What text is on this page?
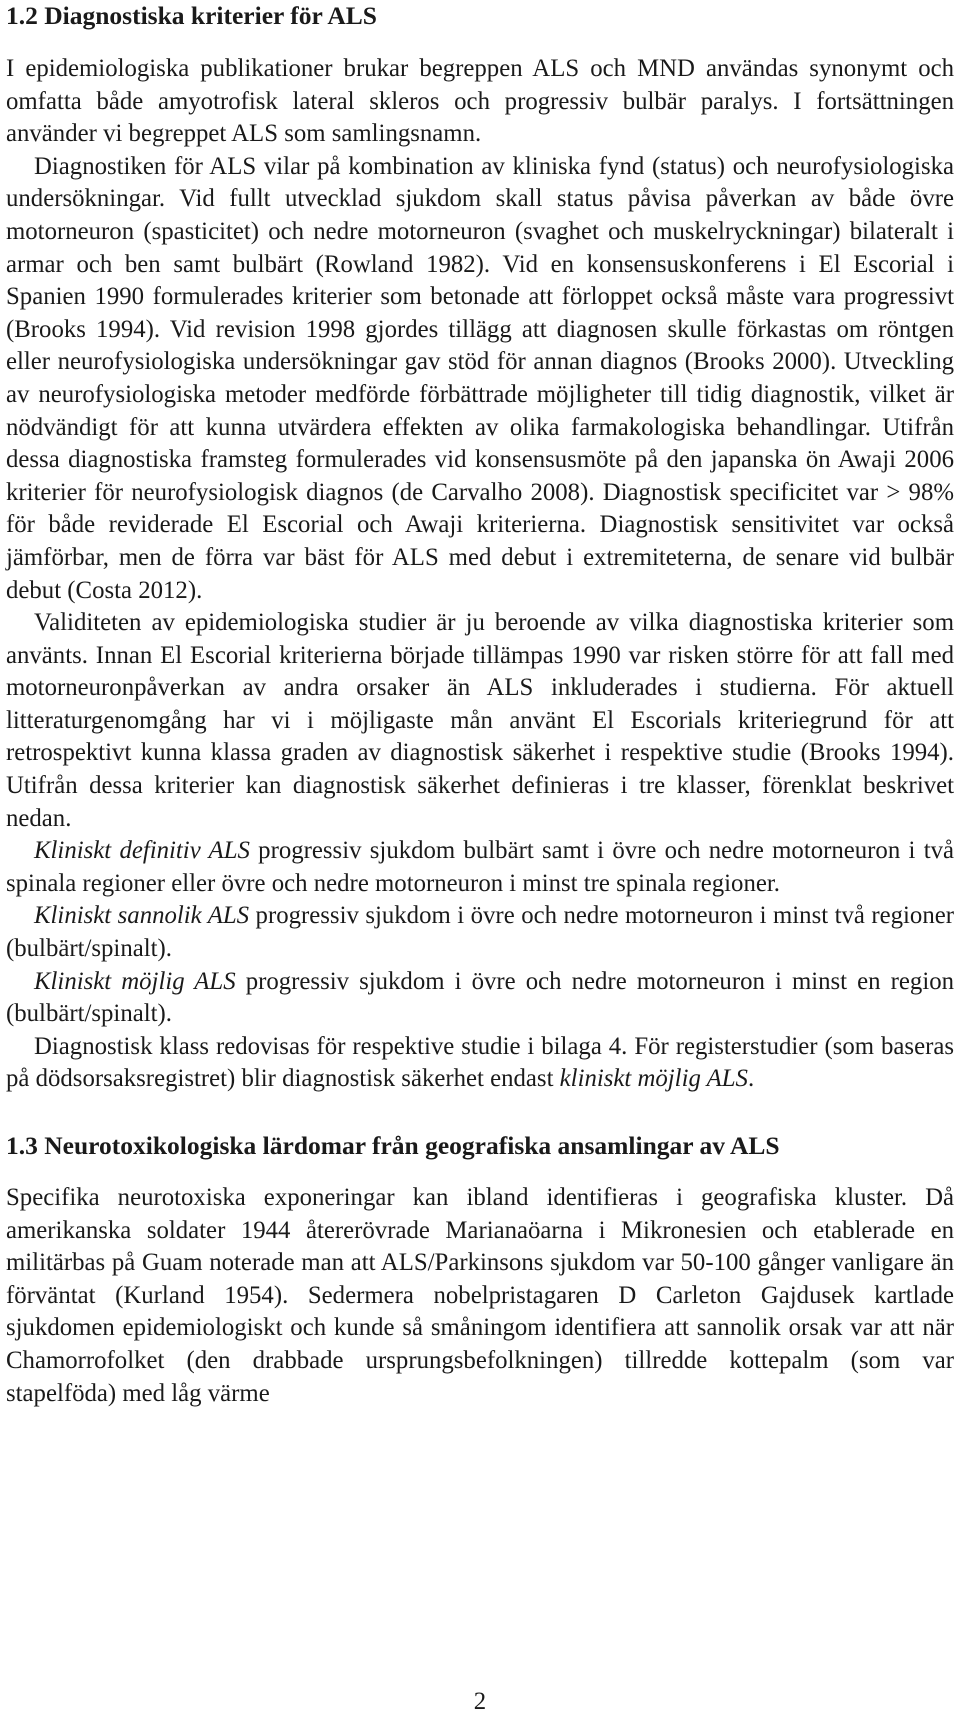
1.2 Diagnostiska kriterier för ALS

I epidemiologiska publikationer brukar begreppen ALS och MND användas synonymt och omfatta både amyotrofisk lateral skleros och progressiv bulbär paralys. I fortsättningen använder vi begreppet ALS som samlingsnamn.

Diagnostiken för ALS vilar på kombination av kliniska fynd (status) och neurofysiologiska undersökningar. Vid fullt utvecklad sjukdom skall status påvisa påverkan av både övre motorneuron (spasticitet) och nedre motorneuron (svaghet och muskelryckningar) bilateralt i armar och ben samt bulbärt (Rowland 1982). Vid en konsensuskonferens i El Escorial i Spanien 1990 formulerades kriterier som betonade att förloppet också måste vara progressivt (Brooks 1994). Vid revision 1998 gjordes tillägg att diagnosen skulle förkastas om röntgen eller neurofysiologiska undersökningar gav stöd för annan diagnos (Brooks 2000). Utveckling av neurofysiologiska metoder medförde förbättrade möjligheter till tidig diagnostik, vilket är nödvändigt för att kunna utvärdera effekten av olika farmakologiska behandlingar. Utifrån dessa diagnostiska framsteg formulerades vid konsensusmöte på den japanska ön Awaji 2006 kriterier för neurofysiologisk diagnos (de Carvalho 2008). Diagnostisk specificitet var > 98% för både reviderade El Escorial och Awaji kriterierna. Diagnostisk sensitivitet var också jämförbar, men de förra var bäst för ALS med debut i extremiteterna, de senare vid bulbär debut (Costa 2012).

Validiteten av epidemiologiska studier är ju beroende av vilka diagnostiska kriterier som använts. Innan El Escorial kriterierna började tillämpas 1990 var risken större för att fall med motorneuronpåverkan av andra orsaker än ALS inkluderades i studierna. För aktuell litteraturgenomgång har vi i möjligaste mån använt El Escorials kriteriegrund för att retrospektivt kunna klassa graden av diagnostisk säkerhet i respektive studie (Brooks 1994). Utifrån dessa kriterier kan diagnostisk säkerhet definieras i tre klasser, förenklat beskrivet nedan.

Kliniskt definitiv ALS progressiv sjukdom bulbärt samt i övre och nedre motorneuron i två spinala regioner eller övre och nedre motorneuron i minst tre spinala regioner.

Kliniskt sannolik ALS progressiv sjukdom i övre och nedre motorneuron i minst två regioner (bulbärt/spinalt).

Kliniskt möjlig ALS progressiv sjukdom i övre och nedre motorneuron i minst en region (bulbärt/spinalt).

Diagnostisk klass redovisas för respektive studie i bilaga 4. För registerstudier (som baseras på dödsorsaksregistret) blir diagnostisk säkerhet endast kliniskt möjlig ALS.

1.3 Neurotoxikologiska lärdomar från geografiska ansamlingar av ALS

Specifika neurotoxiska exponeringar kan ibland identifieras i geografiska kluster. Då amerikanska soldater 1944 återerövrade Marianaöarna i Mikronesien och etablerade en militärbas på Guam noterade man att ALS/Parkinsons sjukdom var 50-100 gånger vanligare än förväntat (Kurland 1954). Sedermera nobelpristagaren D Carleton Gajdusek kartlade sjukdomen epidemiologiskt och kunde så småningom identifiera att sannolik orsak var att när Chamorrofolket (den drabbade ursprungsbefolkningen) tillredde kottepalm (som var stapelföda) med låg värme

2
